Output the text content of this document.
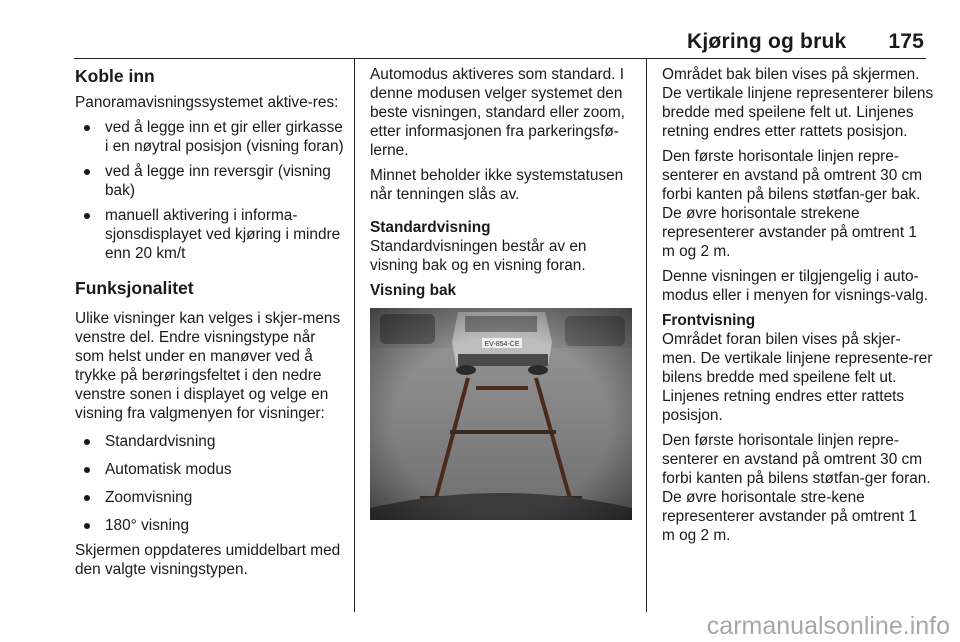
Kjøring og bruk 175
Koble inn

Panoramavisningssystemet aktive-res:

ved å legge inn et gir eller girkasse i en nøytral posisjon (visning foran)
ved å legge inn reversgir (visning bak)
manuell aktivering i informa-sjonsdisplayet ved kjøring i mindre enn 20 km/t
Funksjonalitet

Ulike visninger kan velges i skjer-mens venstre del. Endre visningstype når som helst under en manøver ved å trykke på berøringsfeltet i den nedre venstre sonen i displayet og velge en visning fra valgmenyen for visninger:

Standardvisning
Automatisk modus
Zoomvisning
180° visning

Skjermen oppdateres umiddelbart med den valgte visningstypen.

Automodus aktiveres som standard. I denne modusen velger systemet den beste visningen, standard eller zoom, etter informasjonen fra parkeringsfø-lerne.

Minnet beholder ikke systemstatusen når tenningen slås av.

Standardvisning

Standardvisningen består av en visning bak og en visning foran.

Visning bak

Området bak bilen vises på skjermen. De vertikale linjene representerer bilens bredde med speilene felt ut. Linjenes retning endres etter rattets posisjon.

Den første horisontale linjen repre-senterer en avstand på omtrent 30 cm forbi kanten på bilens støtfan-ger bak. De øvre horisontale strekene representerer avstander på omtrent 1 m og 2 m.

Denne visningen er tilgjengelig i auto-modus eller i menyen for visnings-valg.

Frontvisning

Området foran bilen vises på skjer-men. De vertikale linjene represente-rer bilens bredde med speilene felt ut. Linjenes retning endres etter rattets posisjon.

Den første horisontale linjen repre-senterer en avstand på omtrent 30 cm forbi kanten på bilens støtfan-ger foran. De øvre horisontale stre-kene representerer avstander på omtrent 1 m og 2 m.

carmanualsonline.info
